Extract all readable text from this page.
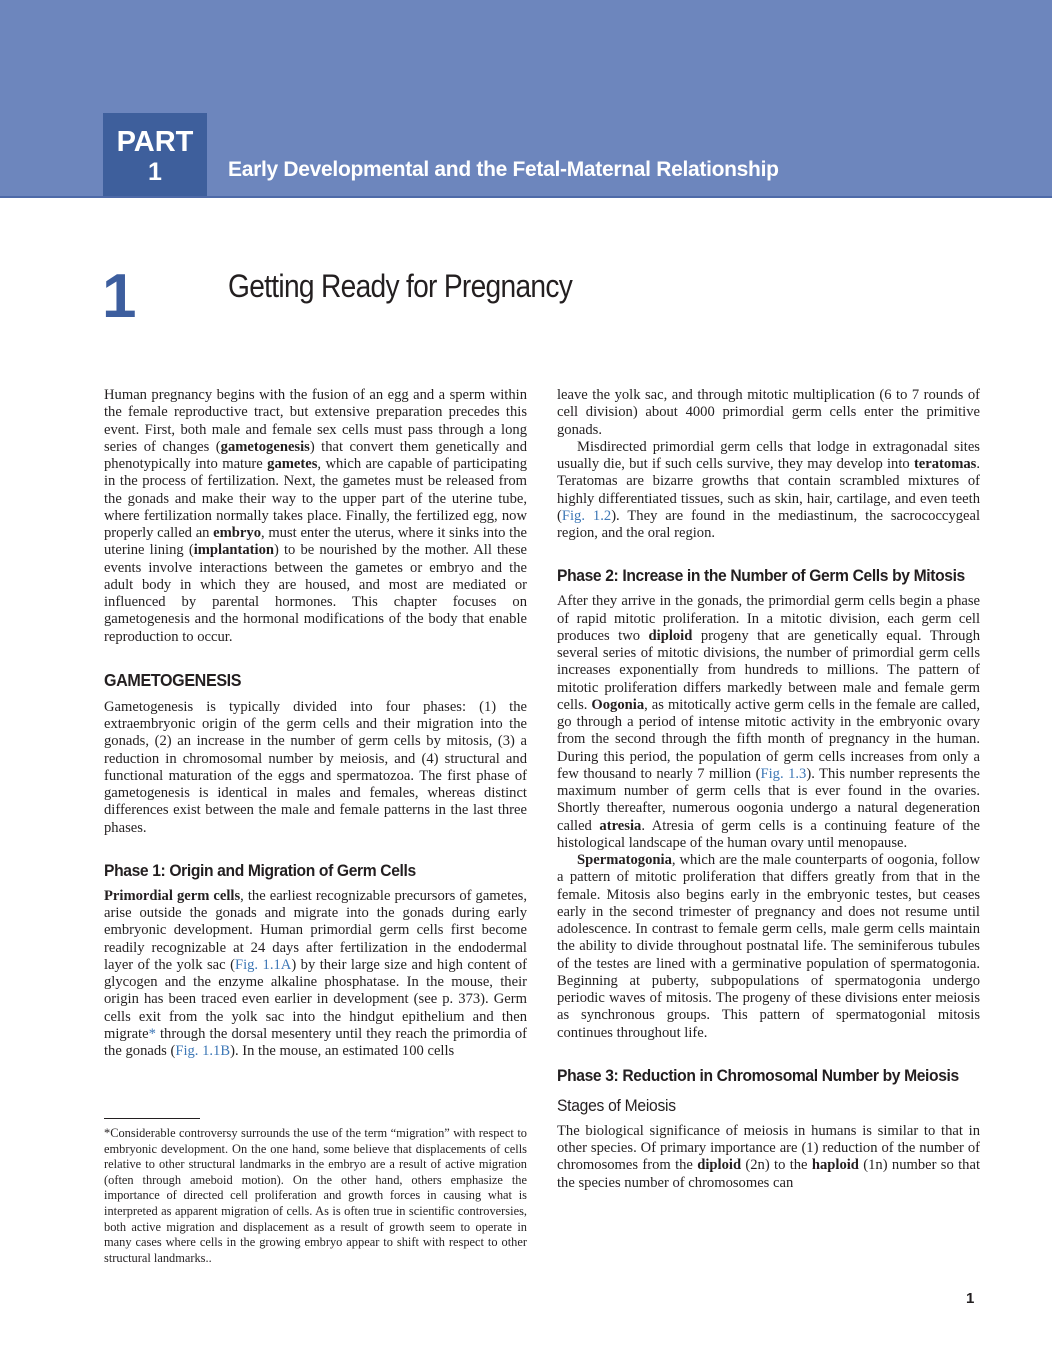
PART
1	Early Developmental and the Fetal-Maternal Relationship
1	Getting Ready for Pregnancy

Human pregnancy begins with the fusion of an egg and a sperm within the female reproductive tract, but extensive preparation precedes this event. First, both male and female sex cells must pass through a long series of changes (gametogenesis) that convert them genetically and phenotypically into mature gametes, which are capable of participating in the process of fertilization. Next, the gametes must be released from the gonads and make their way to the upper part of the uterine tube, where fertilization normally takes place. Finally, the fertilized egg, now properly called an embryo, must enter the uterus, where it sinks into the uterine lining (implantation) to be nourished by the mother. All these events involve interactions between the gametes or embryo and the adult body in which they are housed, and most are mediated or influenced by parental hormones. This chapter focuses on gametogenesis and the hormonal modifications of the body that enable reproduction to occur.

GAMETOGENESIS

Gametogenesis is typically divided into four phases: (1) the extraembryonic origin of the germ cells and their migration into the gonads, (2) an increase in the number of germ cells by mitosis, (3) a reduction in chromosomal number by meiosis, and (4) structural and functional maturation of the eggs and spermatozoa. The first phase of gametogenesis is identical in males and females, whereas distinct differences exist between the male and female patterns in the last three phases.

Phase 1: Origin and Migration of Germ Cells

Primordial germ cells, the earliest recognizable precursors of gametes, arise outside the gonads and migrate into the gonads during early embryonic development. Human primordial germ cells first become readily recognizable at 24 days after fertilization in the endodermal layer of the yolk sac (Fig. 1.1A) by their large size and high content of glycogen and the enzyme alkaline phosphatase. In the mouse, their origin has been traced even earlier in development (see p. 373). Germ cells exit from the yolk sac into the hindgut epithelium and then migrate* through the dorsal mesentery until they reach the primordia of the gonads (Fig. 1.1B). In the mouse, an estimated 100 cells

*Considerable controversy surrounds the use of the term “migration” with respect to embryonic development. On the one hand, some believe that displacements of cells relative to other structural landmarks in the embryo are a result of active migration (often through ameboid motion). On the other hand, others emphasize the importance of directed cell proliferation and growth forces in causing what is interpreted as apparent migration of cells. As is often true in scientific controversies, both active migration and displacement as a result of growth seem to operate in many cases where cells in the growing embryo appear to shift with respect to other structural landmarks..

leave the yolk sac, and through mitotic multiplication (6 to 7 rounds of cell division) about 4000 primordial germ cells enter the primitive gonads.

Misdirected primordial germ cells that lodge in extragonadal sites usually die, but if such cells survive, they may develop into teratomas. Teratomas are bizarre growths that contain scrambled mixtures of highly differentiated tissues, such as skin, hair, cartilage, and even teeth (Fig. 1.2). They are found in the mediastinum, the sacrococcygeal region, and the oral region.

Phase 2: Increase in the Number of Germ Cells by Mitosis

After they arrive in the gonads, the primordial germ cells begin a phase of rapid mitotic proliferation. In a mitotic division, each germ cell produces two diploid progeny that are genetically equal. Through several series of mitotic divisions, the number of primordial germ cells increases exponentially from hundreds to millions. The pattern of mitotic proliferation differs markedly between male and female germ cells. Oogonia, as mitotically active germ cells in the female are called, go through a period of intense mitotic activity in the embryonic ovary from the second through the fifth month of pregnancy in the human. During this period, the population of germ cells increases from only a few thousand to nearly 7 million (Fig. 1.3). This number represents the maximum number of germ cells that is ever found in the ovaries. Shortly thereafter, numerous oogonia undergo a natural degeneration called atresia. Atresia of germ cells is a continuing feature of the histological landscape of the human ovary until menopause.

Spermatogonia, which are the male counterparts of oogonia, follow a pattern of mitotic proliferation that differs greatly from that in the female. Mitosis also begins early in the embryonic testes, but ceases early in the second trimester of pregnancy and does not resume until adolescence. In contrast to female germ cells, male germ cells maintain the ability to divide throughout postnatal life. The seminiferous tubules of the testes are lined with a germinative population of spermatogonia. Beginning at puberty, subpopulations of spermatogonia undergo periodic waves of mitosis. The progeny of these divisions enter meiosis as synchronous groups. This pattern of spermatogonial mitosis continues throughout life.

Phase 3: Reduction in Chromosomal Number by Meiosis
Stages of Meiosis

The biological significance of meiosis in humans is similar to that in other species. Of primary importance are (1) reduction of the number of chromosomes from the diploid (2n) to the haploid (1n) number so that the species number of chromosomes can

1
